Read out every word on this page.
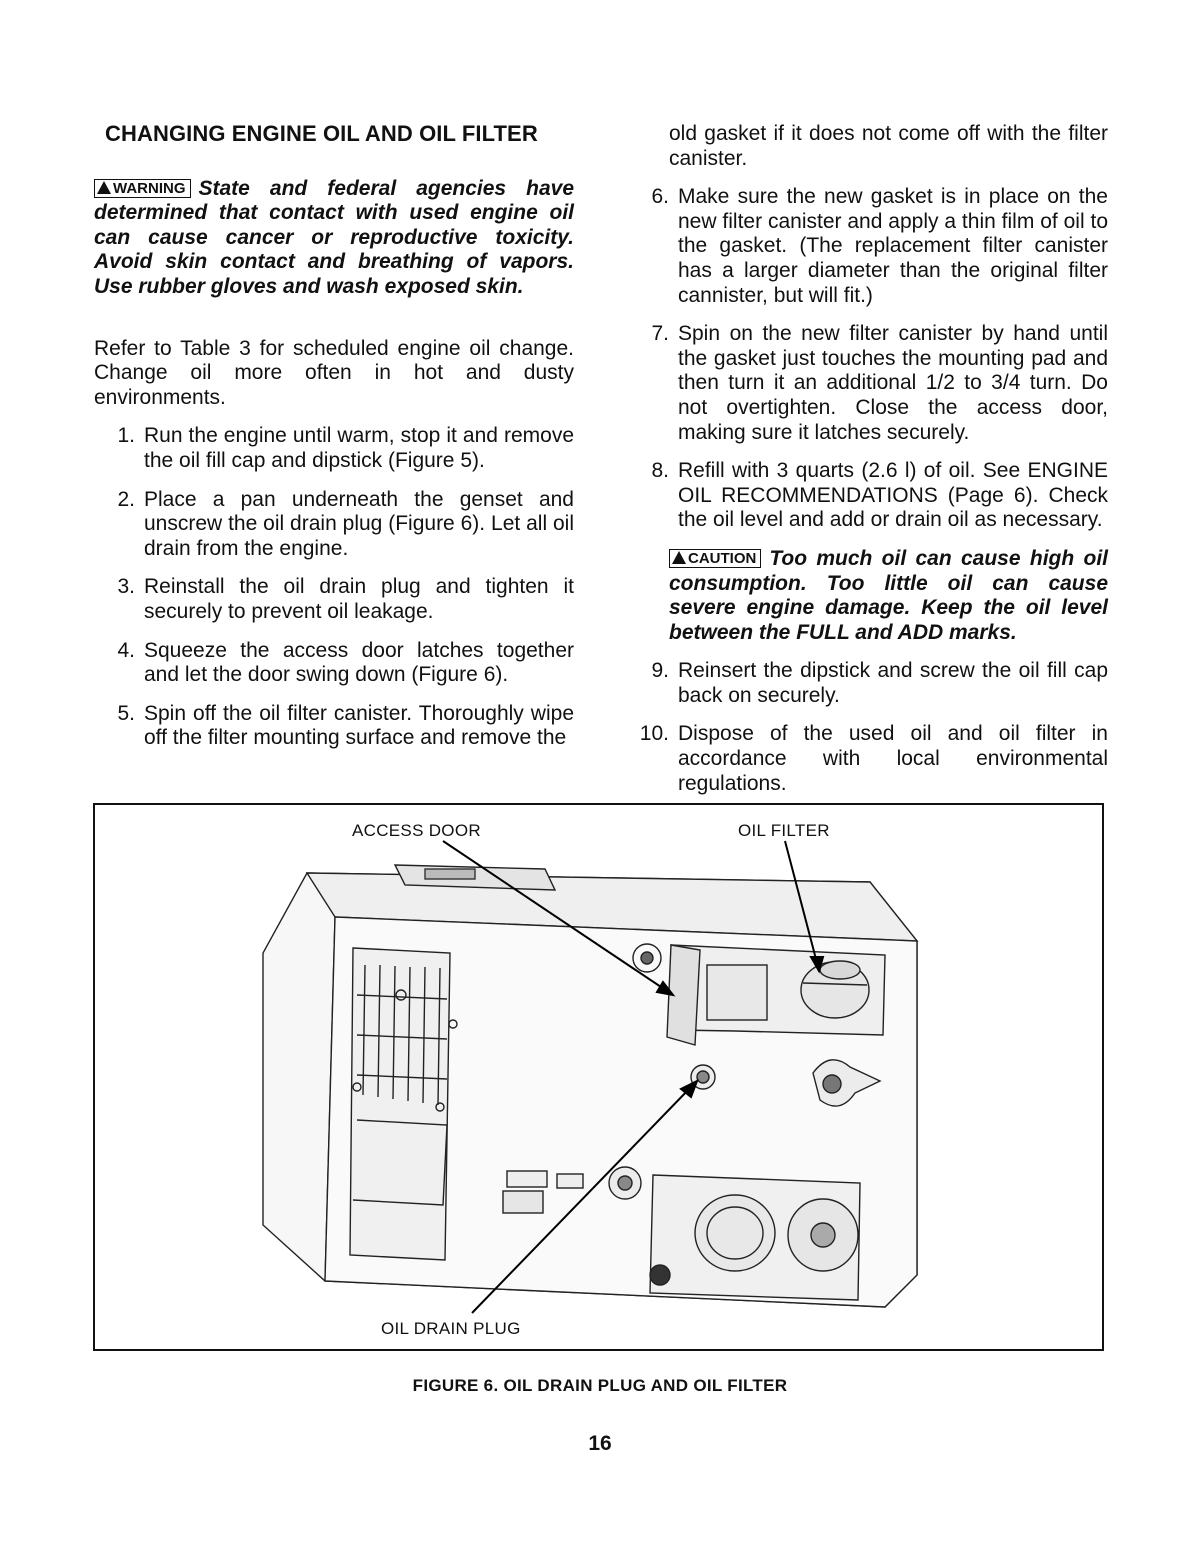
CHANGING ENGINE OIL AND OIL FILTER
WARNING State and federal agencies have determined that contact with used engine oil can cause cancer or reproductive toxicity. Avoid skin contact and breathing of vapors. Use rubber gloves and wash exposed skin.

Refer to Table 3 for scheduled engine oil change. Change oil more often in hot and dusty environments.

1. Run the engine until warm, stop it and remove the oil fill cap and dipstick (Figure 5).
2. Place a pan underneath the genset and unscrew the oil drain plug (Figure 6). Let all oil drain from the engine.
3. Reinstall the oil drain plug and tighten it securely to prevent oil leakage.
4. Squeeze the access door latches together and let the door swing down (Figure 6).
5. Spin off the oil filter canister. Thoroughly wipe off the filter mounting surface and remove the
old gasket if it does not come off with the filter canister.
6. Make sure the new gasket is in place on the new filter canister and apply a thin film of oil to the gasket. (The replacement filter canister has a larger diameter than the original filter cannister, but will fit.)
7. Spin on the new filter canister by hand until the gasket just touches the mounting pad and then turn it an additional 1/2 to 3/4 turn. Do not overtighten. Close the access door, making sure it latches securely.
8. Refill with 3 quarts (2.6 l) of oil. See ENGINE OIL RECOMMENDATIONS (Page 6). Check the oil level and add or drain oil as necessary.
CAUTION Too much oil can cause high oil consumption. Too little oil can cause severe engine damage. Keep the oil level between the FULL and ADD marks.
9. Reinsert the dipstick and screw the oil fill cap back on securely.
10. Dispose of the used oil and oil filter in accordance with local environmental regulations.
ACCESS DOOR	OIL FILTER
OIL DRAIN PLUG
FIGURE 6. OIL DRAIN PLUG AND OIL FILTER
16
